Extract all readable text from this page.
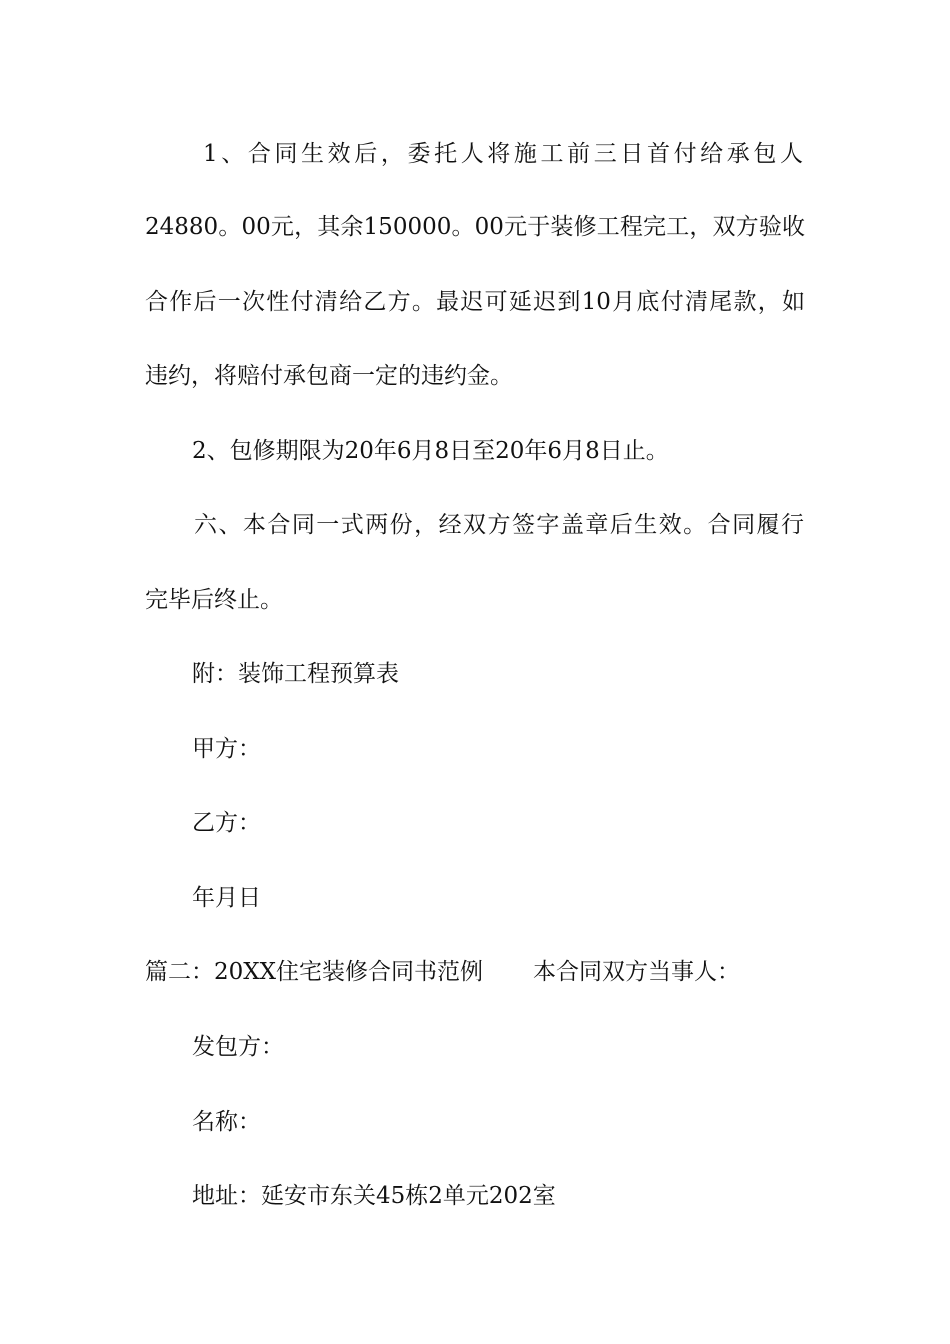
1、合同生效后，委托人将施工前三日首付给承包人
24880。00元，其余150000。00元于装修工程完工，双方验收
合作后一次性付清给乙方。最迟可延迟到10月底付清尾款，如
违约，将赔付承包商一定的违约金。
2、包修期限为20年6月8日至20年6月8日止。
六、本合同一式两份，经双方签字盖章后生效。合同履行
完毕后终止。
附：装饰工程预算表
甲方：
乙方：
年月日
篇二：20XX住宅装修合同书范例 本合同双方当事人：
发包方：
名称：
地址：延安市东关45栋2单元202室
